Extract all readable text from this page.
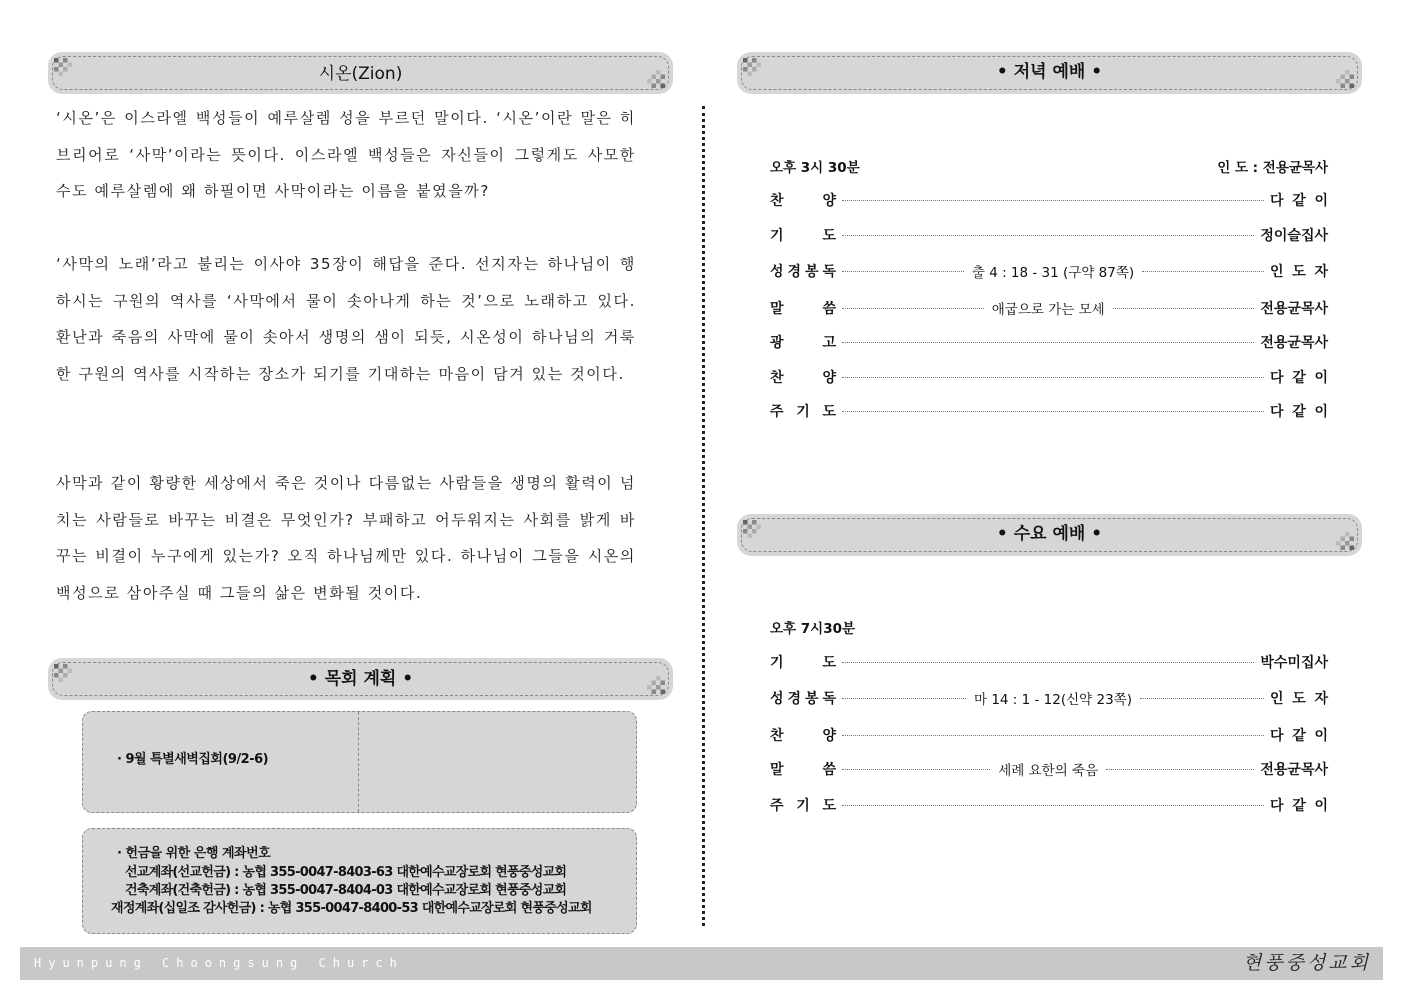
시온(Zion)

‘시온’은 이스라엘 백성들이 예루살렘 성을 부르던 말이다. ‘시온’이란 말은 히브리어로 ‘사막’이라는 뜻이다. 이스라엘 백성들은 자신들이 그렇게도 사모한 수도 예루살렘에 왜 하필이면 사막이라는 이름을 붙였을까?

‘사막의 노래’라고 불리는 이사야 35장이 해답을 준다. 선지자는 하나님이 행하시는 구원의 역사를 ‘사막에서 물이 솟아나게 하는 것’으로 노래하고 있다. 환난과 죽음의 사막에 물이 솟아서 생명의 샘이 되듯, 시온성이 하나님의 거룩한 구원의 역사를 시작하는 장소가 되기를 기대하는 마음이 담겨 있는 것이다.

사막과 같이 황량한 세상에서 죽은 것이나 다름없는 사람들을 생명의 활력이 넘치는 사람들로 바꾸는 비결은 무엇인가? 부패하고 어두워지는 사회를 밝게 바꾸는 비결이 누구에게 있는가? 오직 하나님께만 있다. 하나님이 그들을 시온의 백성으로 삼아주실 때 그들의 삶은 변화될 것이다.

• 목회 계획 •
· 9월 특별새벽집회(9/2-6)
· 헌금을 위한 은행 계좌번호
선교계좌(선교헌금) : 농협 355-0047-8403-63 대한예수교장로회 현풍중성교회
건축계좌(건축헌금) : 농협 355-0047-8404-03 대한예수교장로회 현풍중성교회
재정계좌(십일조 감사헌금) : 농협 355-0047-8400-53 대한예수교장로회 현풍중성교회
• 저녁 예배 •
오후 3시 30분	인 도 : 전용균목사
찬	양	다 같 이
기	도	정이슬집사
성 경 봉 독	출 4 : 18 - 31 (구약 87쪽)	인 도 자
말	씀	애굽으로 가는 모세	전용균목사
광	고	전용균목사
찬	양	다 같 이
주 기 도	다 같 이
• 수요 예배 •
오후 7시30분
기	도	박수미집사
성 경 봉 독	마 14 : 1 - 12(신약 23쪽)	인 도 자
찬	양	다 같 이
말	씀	세례 요한의 죽음	전용균목사
주 기 도	다 같 이
Hyunpung Choongsung Church	현풍중성교회
